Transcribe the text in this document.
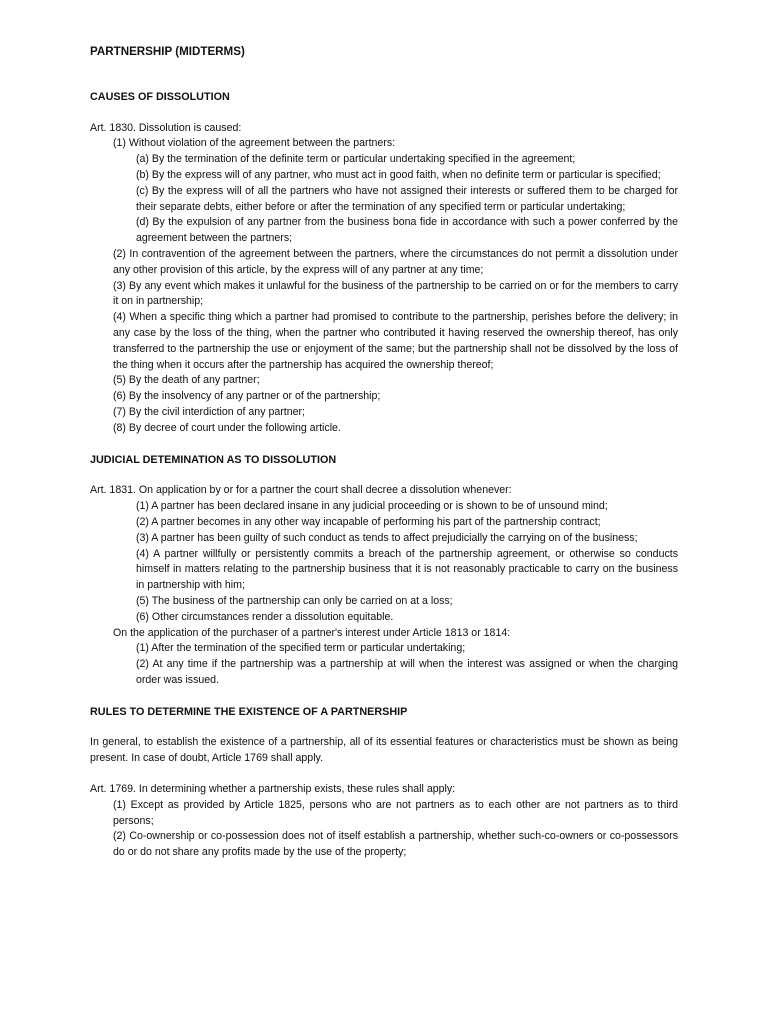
PARTNERSHIP (MIDTERMS)
CAUSES OF DISSOLUTION
Art. 1830. Dissolution is caused:
(1) Without violation of the agreement between the partners:
(a) By the termination of the definite term or particular undertaking specified in the agreement;
(b) By the express will of any partner, who must act in good faith, when no definite term or particular is specified;
(c) By the express will of all the partners who have not assigned their interests or suffered them to be charged for their separate debts, either before or after the termination of any specified term or particular undertaking;
(d) By the expulsion of any partner from the business bona fide in accordance with such a power conferred by the agreement between the partners;
(2) In contravention of the agreement between the partners, where the circumstances do not permit a dissolution under any other provision of this article, by the express will of any partner at any time;
(3) By any event which makes it unlawful for the business of the partnership to be carried on or for the members to carry it on in partnership;
(4) When a specific thing which a partner had promised to contribute to the partnership, perishes before the delivery; in any case by the loss of the thing, when the partner who contributed it having reserved the ownership thereof, has only transferred to the partnership the use or enjoyment of the same; but the partnership shall not be dissolved by the loss of the thing when it occurs after the partnership has acquired the ownership thereof;
(5) By the death of any partner;
(6) By the insolvency of any partner or of the partnership;
(7) By the civil interdiction of any partner;
(8) By decree of court under the following article.
JUDICIAL DETEMINATION AS TO DISSOLUTION
Art. 1831. On application by or for a partner the court shall decree a dissolution whenever:
(1) A partner has been declared insane in any judicial proceeding or is shown to be of unsound mind;
(2) A partner becomes in any other way incapable of performing his part of the partnership contract;
(3) A partner has been guilty of such conduct as tends to affect prejudicially the carrying on of the business;
(4) A partner willfully or persistently commits a breach of the partnership agreement, or otherwise so conducts himself in matters relating to the partnership business that it is not reasonably practicable to carry on the business in partnership with him;
(5) The business of the partnership can only be carried on at a loss;
(6) Other circumstances render a dissolution equitable.
On the application of the purchaser of a partner's interest under Article 1813 or 1814:
(1) After the termination of the specified term or particular undertaking;
(2) At any time if the partnership was a partnership at will when the interest was assigned or when the charging order was issued.
RULES TO DETERMINE THE EXISTENCE OF A PARTNERSHIP
In general, to establish the existence of a partnership, all of its essential features or characteristics must be shown as being present. In case of doubt, Article 1769 shall apply.
Art. 1769. In determining whether a partnership exists, these rules shall apply:
(1) Except as provided by Article 1825, persons who are not partners as to each other are not partners as to third persons;
(2) Co-ownership or co-possession does not of itself establish a partnership, whether such-co-owners or co-possessors do or do not share any profits made by the use of the property;
